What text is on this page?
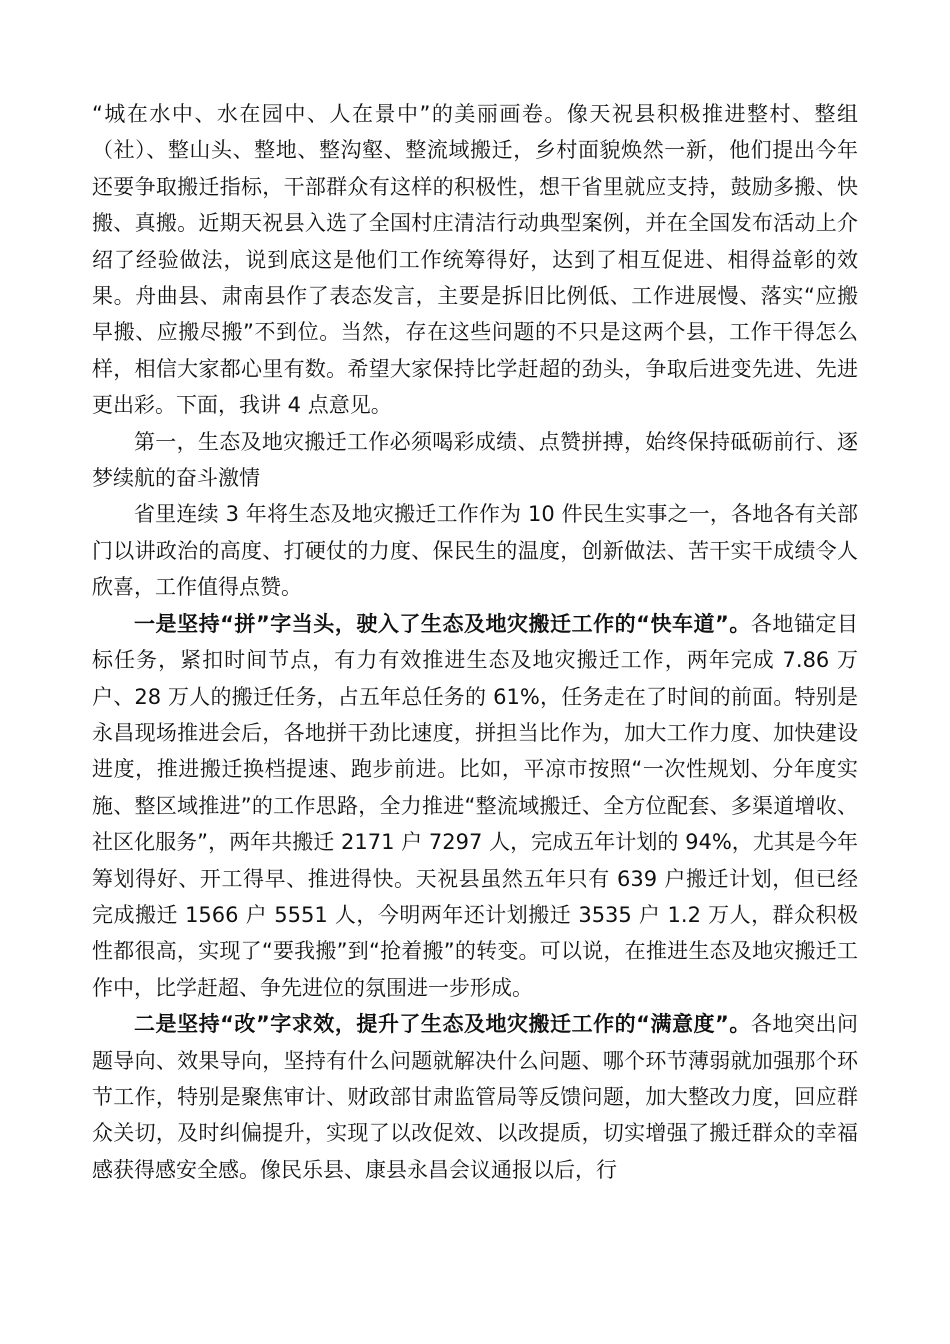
“城在水中、水在园中、人在景中”的美丽画卷。像天祝县积极推进整村、整组（社）、整山头、整地、整沟壑、整流域搬迁，乡村面貌焕然一新，他们提出今年还要争取搬迁指标，干部群众有这样的积极性，想干省里就应支持，鼓励多搬、快搬、真搬。近期天祝县入选了全国村庄清洁行动典型案例，并在全国发布活动上介绍了经验做法，说到底这是他们工作统筹得好，达到了相互促进、相得益彰的效果。舟曲县、肃南县作了表态发言，主要是拆旧比例低、工作进展慢、落实“应搬早搬、应搬尽搬”不到位。当然，存在这些问题的不只是这两个县，工作干得怎么样，相信大家都心里有数。希望大家保持比学赶超的劲头，争取后进变先进、先进更出彩。下面，我讲 4 点意见。

第一，生态及地灾搬迁工作必须喝彩成绩、点赞拼搏，始终保持砥砺前行、逐梦续航的奋斗激情

省里连续 3 年将生态及地灾搬迁工作作为 10 件民生实事之一，各地各有关部门以讲政治的高度、打硬仗的力度、保民生的温度，创新做法、苦干实干成绩令人欣喜，工作值得点赞。

一是坚持“拼”字当头，驶入了生态及地灾搬迁工作的“快车道”。各地锚定目标任务，紧扣时间节点，有力有效推进生态及地灾搬迁工作，两年完成 7.86 万户、28 万人的搬迁任务，占五年总任务的 61%，任务走在了时间的前面。特别是永昌现场推进会后，各地拼干劲比速度，拼担当比作为，加大工作力度、加快建设进度，推进搬迁换档提速、跑步前进。比如，平凉市按照“一次性规划、分年度实施、整区域推进”的工作思路，全力推进“整流域搬迁、全方位配套、多渠道增收、社区化服务”，两年共搬迁 2171 户 7297 人，完成五年计划的 94%，尤其是今年筹划得好、开工得早、推进得快。天祝县虽然五年只有 639 户搬迁计划，但已经完成搬迁 1566 户 5551 人，今明两年还计划搬迁 3535 户 1.2 万人，群众积极性都很高，实现了“要我搬”到“抢着搬”的转变。可以说，在推进生态及地灾搬迁工作中，比学赶超、争先进位的氛围进一步形成。

二是坚持“改”字求效，提升了生态及地灾搬迁工作的“满意度”。各地突出问题导向、效果导向，坚持有什么问题就解决什么问题、哪个环节薄弱就加强那个环节工作，特别是聚焦审计、财政部甘肃监管局等反馈问题，加大整改力度，回应群众关切，及时纠偏提升，实现了以改促效、以改提质，切实增强了搬迁群众的幸福感获得感安全感。像民乐县、康县永昌会议通报以后，行
